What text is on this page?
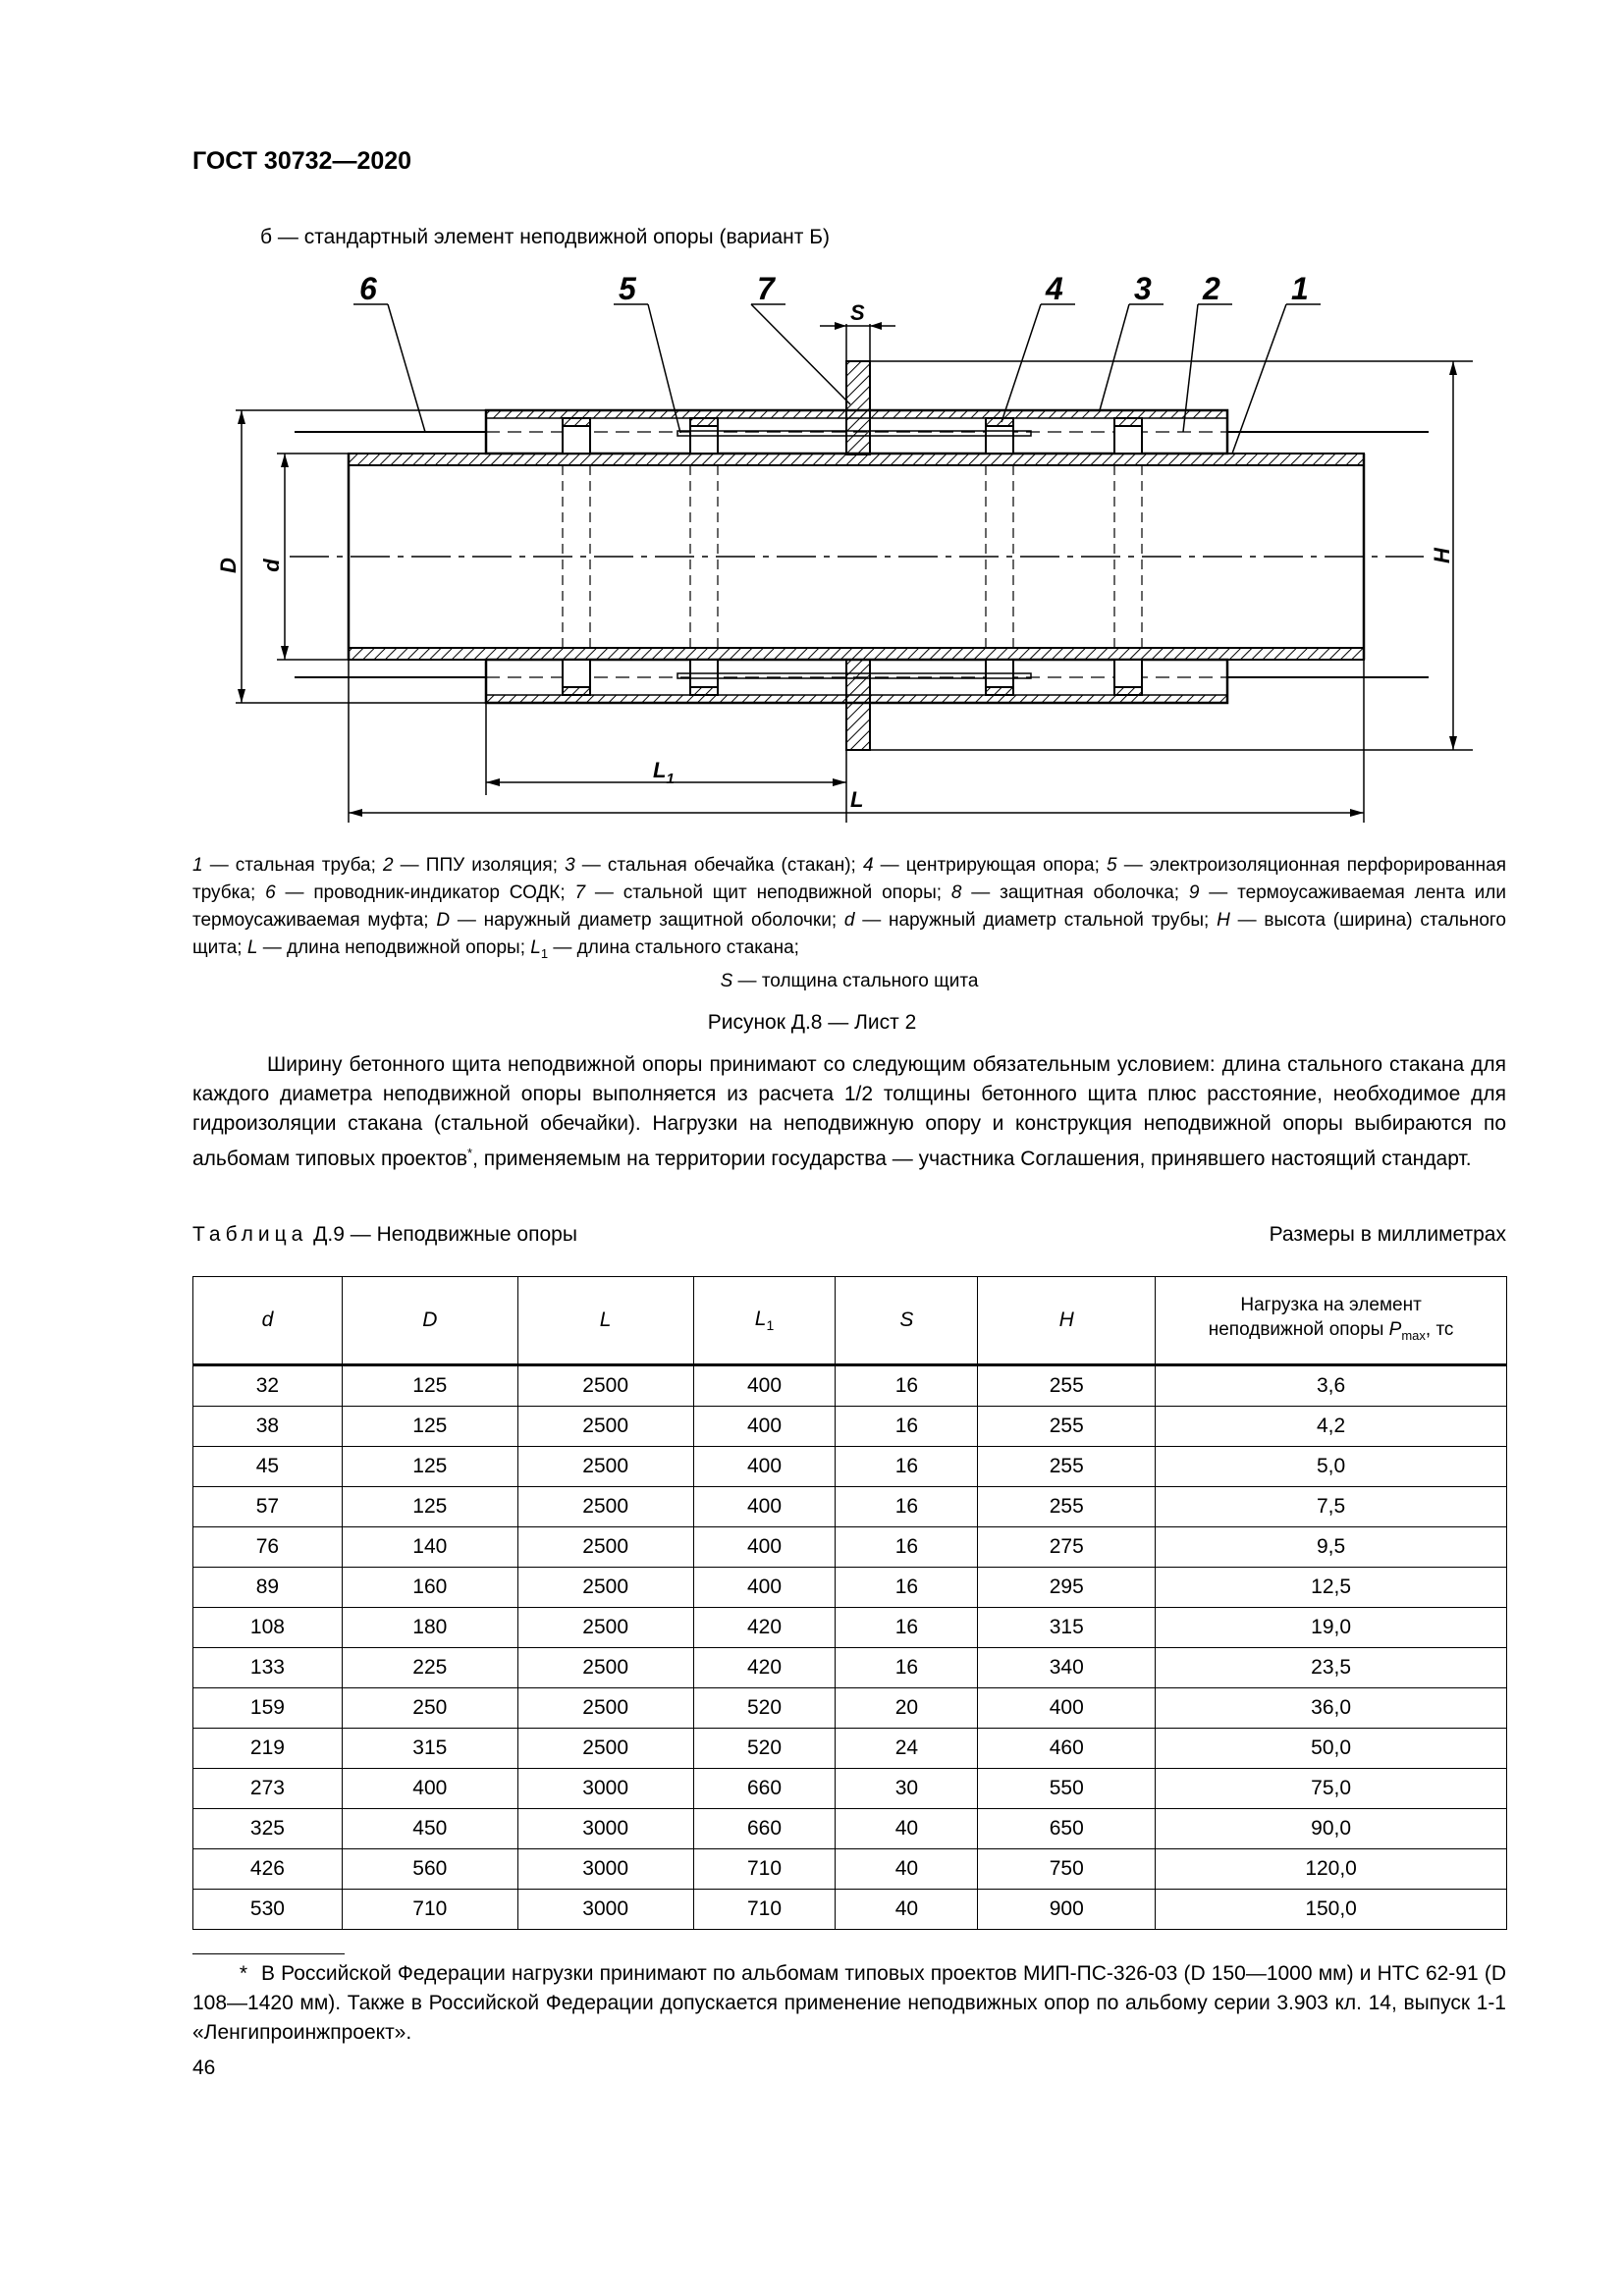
ГОСТ 30732—2020
б — стандартный элемент неподвижной опоры (вариант Б)
6	5	7	4 3 2 1
S
D d
H
$L_1$
L
1 — стальная труба; 2 — ППУ изоляция; 3 — стальная обечайка (стакан); 4 — центрирующая опора; 5 — электроизоляционная перфорированная трубка; 6 — проводник-индикатор СОДК; 7 — стальной щит неподвижной опоры; 8 — защитная оболочка; 9 — термоусаживаемая лента или термоусаживаемая муфта; D — наружный диаметр защитной оболочки; d — наружный диаметр стальной трубы; H — высота (ширина) стального щита; L — длина неподвижной опоры; $L_1$ — длина стального стакана;
S — толщина стального щита
Рисунок Д.8 — Лист 2
Ширину бетонного щита неподвижной опоры принимают со следующим обязательным условием: длина стального стакана для каждого диаметра неподвижной опоры выполняется из расчета 1/2 толщины бетонного щита плюс расстояние, необходимое для гидроизоляции стакана (стальной обечайки). Нагрузки на неподвижную опору и конструкция неподвижной опоры выбираются по альбомам типовых проектов*, применяемым на территории государства — участника Соглашения, принявшего настоящий стандарт.
Таблица Д.9 — Неподвижные опоры	Размеры в миллиметрах
d	D	L	$L_1$	S	H	Нагрузка на элемент
неподвижной опоры $P_{max}$, тс
32	125	2500	400	16	255	3,6
38	125	2500	400	16	255	4,2
45	125	2500	400	16	255	5,0
57	125	2500	400	16	255	7,5
76	140	2500	400	16	275	9,5
89	160	2500	400	16	295	12,5
108	180	2500	420	16	315	19,0
133	225	2500	420	16	340	23,5
159	250	2500	520	20	400	36,0
219	315	2500	520	24	460	50,0
273	400	3000	660	30	550	75,0
325	450	3000	660	40	650	90,0
426	560	3000	710	40	750	120,0
530	710	3000	710	40	900	150,0
* В Российской Федерации нагрузки принимают по альбомам типовых проектов МИП-ПС-326-03 (D 150—1000 мм) и НТС 62-91 (D 108—1420 мм). Также в Российской Федерации допускается применение неподвижных опор по альбому серии 3.903 кл. 14, выпуск 1-1 «Ленгипроинжпроект».
46
